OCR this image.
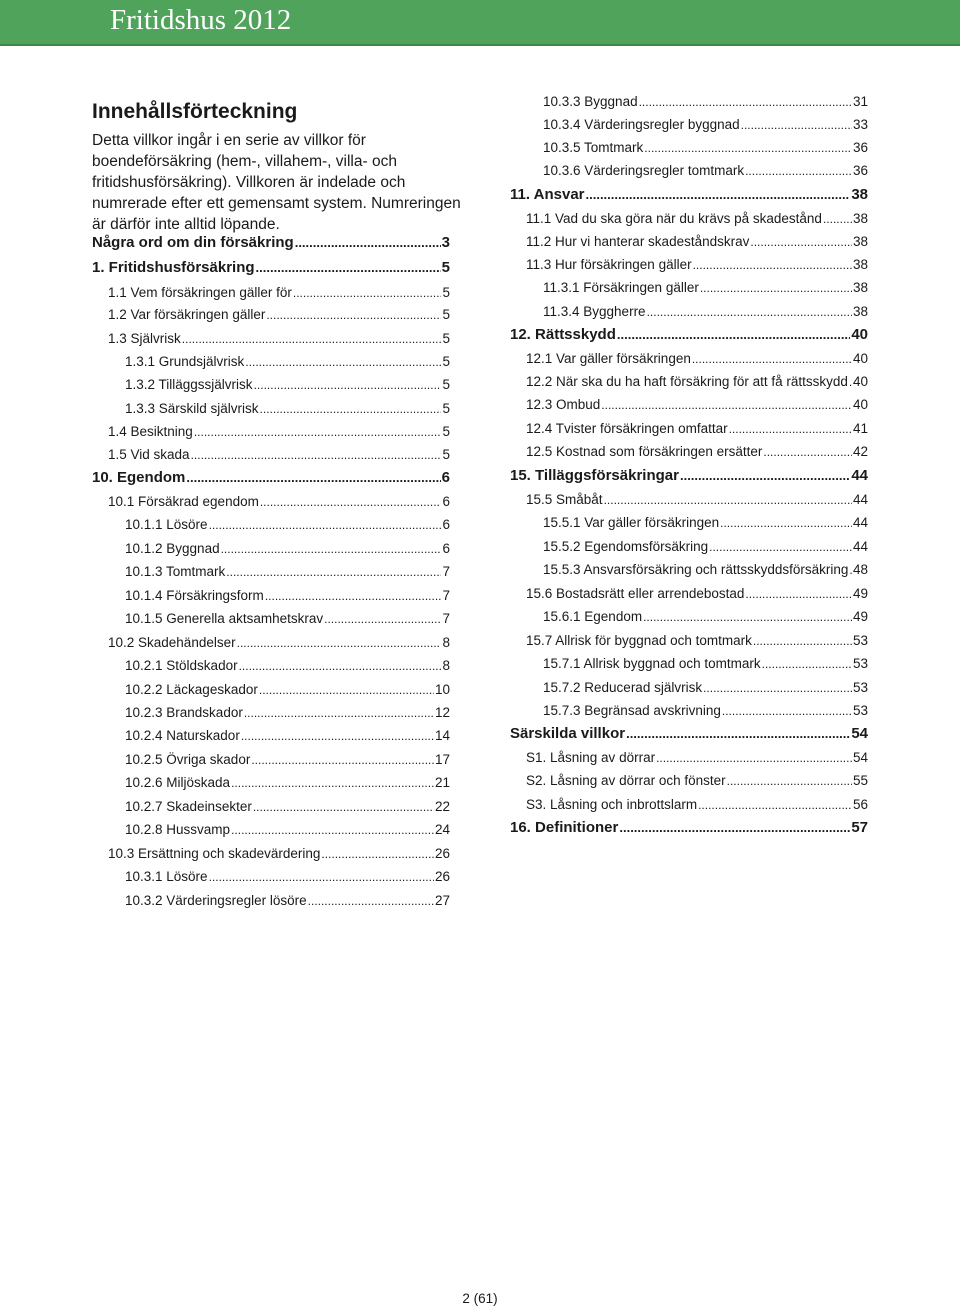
Fritidshus 2012
Innehållsförteckning
Detta villkor ingår i en serie av villkor för boendeförsäkring (hem-, villahem-, villa- och fritidshusförsäkring). Villkoren är indelade och numrerade efter ett gemensamt system. Numreringen är därför inte alltid löpande.
Några ord om din försäkring .....	3
1. Fritidshusförsäkring .....	5
1.1 Vem försäkringen gäller för .....	5
1.2 Var försäkringen gäller .....	5
1.3 Självrisk .....	5
1.3.1 Grundsjälvrisk .....	5
1.3.2 Tilläggssjälvrisk .....	5
1.3.3 Särskild självrisk .....	5
1.4 Besiktning .....	5
1.5 Vid skada .....	5
10. Egendom .....	6
10.1 Försäkrad egendom .....	6
10.1.1 Lösöre .....	6
10.1.2 Byggnad .....	6
10.1.3 Tomtmark .....	7
10.1.4 Försäkringsform .....	7
10.1.5 Generella aktsamhetskrav .....	7
10.2 Skadehändelser .....	8
10.2.1 Stöldskador .....	8
10.2.2 Läckageskador .....	10
10.2.3 Brandskador .....	12
10.2.4 Naturskador .....	14
10.2.5 Övriga skador .....	17
10.2.6 Miljöskada .....	21
10.2.7 Skadeinsekter .....	22
10.2.8 Hussvamp .....	24
10.3 Ersättning och skadevärdering .....	26
10.3.1 Lösöre .....	26
10.3.2 Värderingsregler lösöre .....	27
10.3.3 Byggnad .....	31
10.3.4 Värderingsregler byggnad .....	33
10.3.5 Tomtmark .....	36
10.3.6 Värderingsregler tomtmark .....	36
11. Ansvar .....	38
11.1 Vad du ska göra när du krävs på skadestånd ..... 38
11.2 Hur vi hanterar skadeståndskrav .....	38
11.3 Hur försäkringen gäller .....	38
11.3.1 Försäkringen gäller .....	38
11.3.4 Byggherre .....	38
12. Rättsskydd .....	40
12.1 Var gäller försäkringen .....	40
12.2 När ska du ha haft försäkring för att få rättsskydd ..... 40
12.3 Ombud .....	40
12.4 Tvister försäkringen omfattar .....	41
12.5 Kostnad som försäkringen ersätter .....	42
15. Tilläggsförsäkringar .....	44
15.5 Småbåt .....	44
15.5.1 Var gäller försäkringen .....	44
15.5.2 Egendomsförsäkring .....	44
15.5.3 Ansvarsförsäkring och rättsskyddsförsäkring ..... 48
15.6 Bostadsrätt eller arrendebostad .....	49
15.6.1 Egendom .....	49
15.7 Allrisk för byggnad och tomtmark .....	53
15.7.1 Allrisk byggnad och tomtmark .....	53
15.7.2 Reducerad självrisk .....	53
15.7.3 Begränsad avskrivning .....	53
Särskilda villkor .....	54
S1. Låsning av dörrar .....	54
S2. Låsning av dörrar och fönster .....	55
S3. Låsning och inbrottslarm .....	56
16. Definitioner .....	57
2 (61)
